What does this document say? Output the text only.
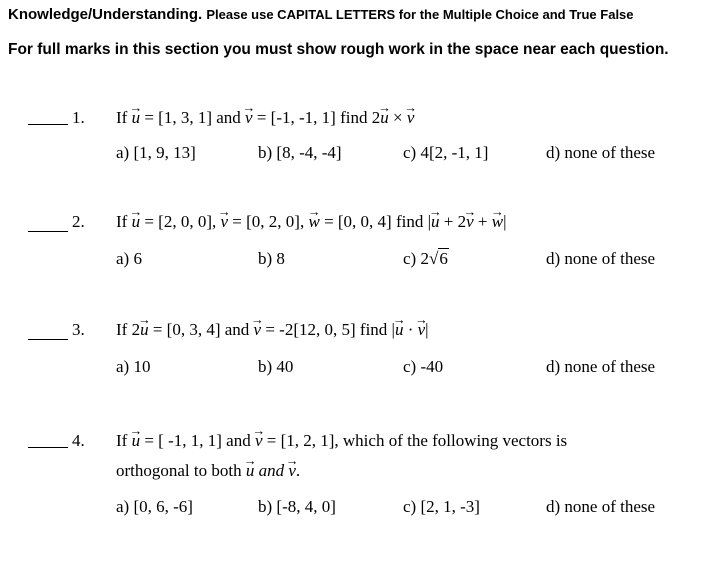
Knowledge/Understanding. Please use CAPITAL LETTERS for the Multiple Choice and True False
For full marks in this section you must show rough work in the space near each question.
1. If → u = [1, 3, 1] and → v = [-1, -1, 1] find 2→ u × → v
a) [1, 9, 13]	b) [8, -4, -4]	c) 4[2, -1, 1]	d) none of these
2. If → u = [2, 0, 0], → v = [0, 2, 0], → w = [0, 0, 4] find |→ u + 2→ v + → w|
a) 6	b) 8	c) 2√6	d) none of these
3. If 2→ u = [0, 3, 4] and → v = -2[12, 0, 5] find |→ u · → v|
a) 10	b) 40	c) -40	d) none of these
4. If → u = [ -1, 1, 1] and → v = [1, 2, 1], which of the following vectors is
orthogonal to both → u and → v.
a) [0, 6, -6]	b) [-8, 4, 0]	c) [2, 1, -3]	d) none of these
